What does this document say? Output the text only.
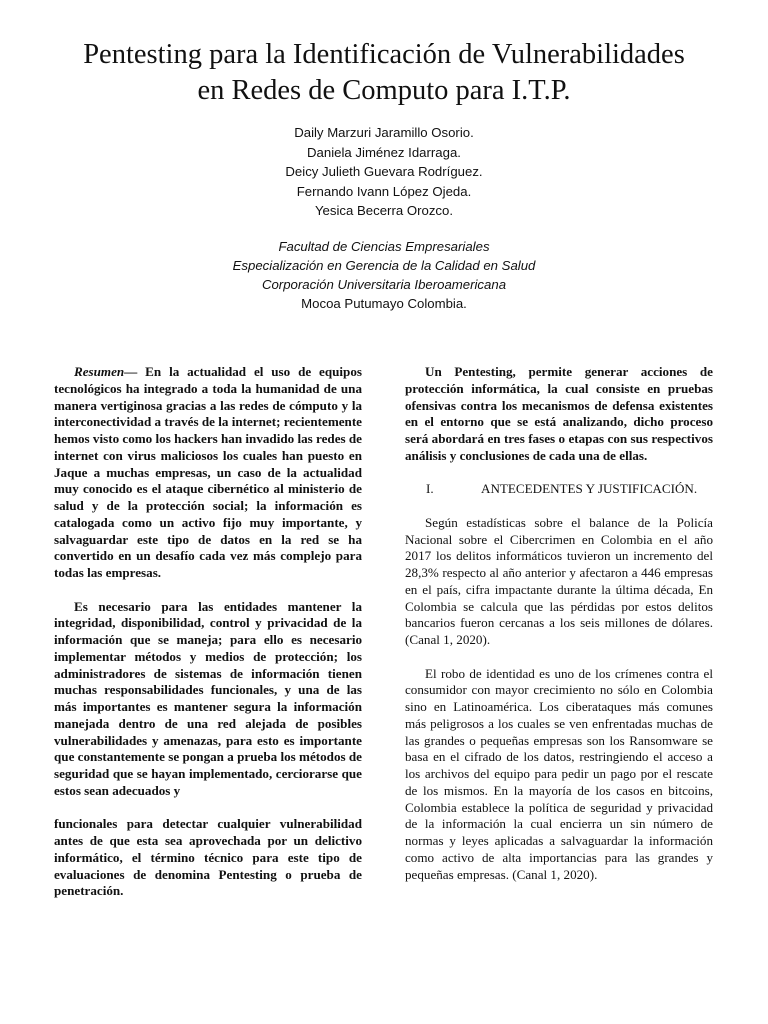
Pentesting para la Identificación de Vulnerabilidades
en Redes de Computo para I.T.P.
Daily Marzuri Jaramillo Osorio.
Daniela Jiménez Idarraga.
Deicy Julieth Guevara Rodríguez.
Fernando Ivann López Ojeda.
Yesica Becerra Orozco.
Facultad de Ciencias Empresariales
Especialización en Gerencia de la Calidad en Salud
Corporación Universitaria Iberoamericana
Mocoa Putumayo Colombia.

Resumen— En la actualidad el uso de equipos tecnológicos ha integrado a toda la humanidad de una manera vertiginosa gracias a las redes de cómputo y la interconectividad a través de la internet; recientemente hemos visto como los hackers han invadido las redes de internet con virus maliciosos los cuales han puesto en Jaque a muchas empresas, un caso de la actualidad muy conocido es el ataque cibernético al ministerio de salud y de la protección social; la información es catalogada como un activo fijo muy importante, y salvaguardar este tipo de datos en la red se ha convertido en un desafío cada vez más complejo para todas las empresas.

Es necesario para las entidades mantener la integridad, disponibilidad, control y privacidad de la información que se maneja; para ello es necesario implementar métodos y medios de protección; los administradores de sistemas de información tienen muchas responsabilidades funcionales, y una de las más importantes es mantener segura la información manejada dentro de una red alejada de posibles vulnerabilidades y amenazas, para esto es importante que constantemente se pongan a prueba los métodos de seguridad que se hayan implementado, cerciorarse que estos sean adecuados y

funcionales para detectar cualquier vulnerabilidad antes de que esta sea aprovechada por un delictivo informático, el término técnico para este tipo de evaluaciones de denomina Pentesting o prueba de penetración.

Un Pentesting, permite generar acciones de protección informática, la cual consiste en pruebas ofensivas contra los mecanismos de defensa existentes en el entorno que se está analizando, dicho proceso será abordará en tres fases o etapas con sus respectivos análisis y conclusiones de cada una de ellas.

I.	ANTECEDENTES Y JUSTIFICACIÓN.

Según estadísticas sobre el balance de la Policía Nacional sobre el Cibercrimen en Colombia en el año 2017 los delitos informáticos tuvieron un incremento del 28,3% respecto al año anterior y afectaron a 446 empresas en el país, cifra impactante durante la última década, En Colombia se calcula que las pérdidas por estos delitos bancarios fueron cercanas a los seis millones de dólares. (Canal 1, 2020).

El robo de identidad es uno de los crímenes contra el consumidor con mayor crecimiento no sólo en Colombia sino en Latinoamérica. Los ciberataques más comunes más peligrosos a los cuales se ven enfrentadas muchas de las grandes o pequeñas empresas son los Ransomware se basa en el cifrado de los datos, restringiendo el acceso a los archivos del equipo para pedir un pago por el rescate de los mismos. En la mayoría de los casos en bitcoins, Colombia establece la política de seguridad y privacidad de la información la cual encierra un sin número de normas y leyes aplicadas a salvaguardar la información como activo de alta importancias para las grandes y pequeñas empresas. (Canal 1, 2020).
